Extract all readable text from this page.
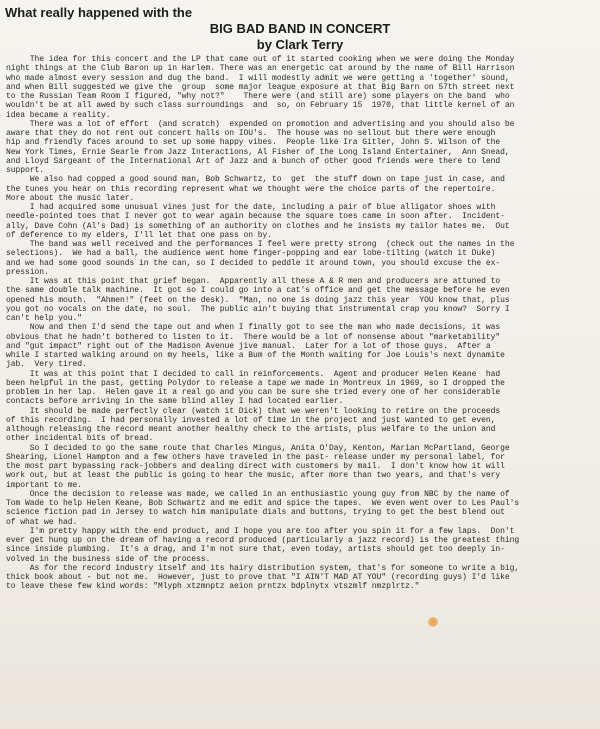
What really happened with the
BIG BAD BAND IN CONCERT
by Clark Terry
The idea for this concert and the LP that came out of it started cooking when we were doing the Monday
night things at the Club Baron up in Harlem. There was an energetic cat around by the name of Bill Harrison
who made almost every session and dug the band.  I will modestly admit we were getting a 'together' sound,
and when Bill suggested we give the  group  some major league exposure at that Big Barn on 57th street next
to the Russian Team Room I figured, "why not?"    There were (and still are) some players on the band  who
wouldn't be at all awed by such class surroundings  and  so, on February 15  1970, that little kernel of an
idea became a reality.
There was a lot of effort  (and scratch)  expended on promotion and advertising and you should also be
aware that they do not rent out concert halls on IOU's.  The house was no sellout but there were enough
hip and friendly faces around to set up some happy vibes.  People like Ira Gitler, John S. Wilson of the
New York Times, Ernie Searle from Jazz Interactions, Al Fisher of the Long Island Entertainer,  Ann Snead,
and Lloyd Sargeant of the International Art of Jazz and a bunch of other good friends were there to lend
support.
We also had copped a good sound man, Bob Schwartz, to  get  the stuff down on tape just in case, and
the tunes you hear on this recording represent what we thought were the choice parts of the repertoire.
More about the music later.
I had acquired some unusual vines just for the date, including a pair of blue alligator shoes with
needle-pointed toes that I never got to wear again because the square toes came in soon after.  Incident-
ally, Dave Cohn (Al's Dad) is something of an authority on clothes and he insists my tailor hates me.  Out
of deference to my elders, I'll let that one pass on by.
The band was well received and the performances I feel were pretty strong  (check out the names in the
selections).  We had a ball, the audience went home finger-popping and ear lobe-tilting (watch it Duke)
and we had some good sounds in the can, so I decided to peddle it around town, you should excuse the ex-
pression.
It was at this point that grief began.  Apparently all these A & R men and producers are attuned to
the same double talk machine.  It got so I could go into a cat's office and get the message before he even
opened his mouth.  "Ahmen!" (feet on the desk).  "Man, no one is doing jazz this year  YOU know that, plus
you got no vocals on the date, no soul.  The public ain't buying that instrumental crap you know?  Sorry I
can't help you."
Now and then I'd send the tape out and when I finally got to see the man who made decisions, it was
obvious that he hadn't bothered to listen to it.  There would be a lot of nonsense about "marketability"
and "gut impact" right out of the Madison Avenue jive manual.  Later for a lot of those guys.  After a
while I started walking around on my heels, like a Bum of the Month waiting for Joe Louis's next dynamite
jab.  Very tired.
It was at this point that I decided to call in reinforcements.  Agent and producer Helen Keane  had
been helpful in the past, getting Polydor to release a tape we made in Montreux in 1969, so I dropped the
problem in her lap.  Helen gave it a real go and you can be sure she tried every one of her considerable
contacts before arriving in the same blind alley I had located earlier.
It should be made perfectly clear (watch it Dick) that we weren't looking to retire on the proceeds
of this recording.  I had personally invested a lot of time in the project and just wanted to get even,
although releasing the record meant another healthy check to the artists, plus welfare to the union and
other incidental bits of bread.
So I decided to go the same route that Charles Mingus, Anita O'Day, Kenton, Marian McPartland, George
Shearing, Lionel Hampton and a few others have traveled in the past- release under my personal label, for
the most part bypassing rack-jobbers and dealing direct with customers by mail.  I don't know how it will
work out, but at least the public is going to hear the music, after more than two years, and that's very
important to me.
Once the decision to release was made, we called in an enthusiastic young guy from NBC by the name of
Tom Wade to help Helen Keane, Bob Schwartz and me edit and spice the tapes.  We even went over to Les Paul's
science fiction pad in Jersey to watch him manipulate dials and buttons, trying to get the best blend out
of what we had.
I'm pretty happy with the end product, and I hope you are too after you spin it for a few laps.  Don't
ever get hung up on the dream of having a record produced (particularly a jazz record) is the greatest thing
since inside plumbing.  It's a drag, and I'm not sure that, even today, artists should get too deeply in-
volved in the business side of the process.
As for the record industry itself and its hairy distribution system, that's for someone to write a big,
thick book about - but not me.  However, just to prove that "I AIN'T MAD AT YOU" (recording guys) I'd like
to leave these few kind words: "Mlyph xtzmnptz aeion prntzx bdplnytx vtszmlf nmzplrtz."
